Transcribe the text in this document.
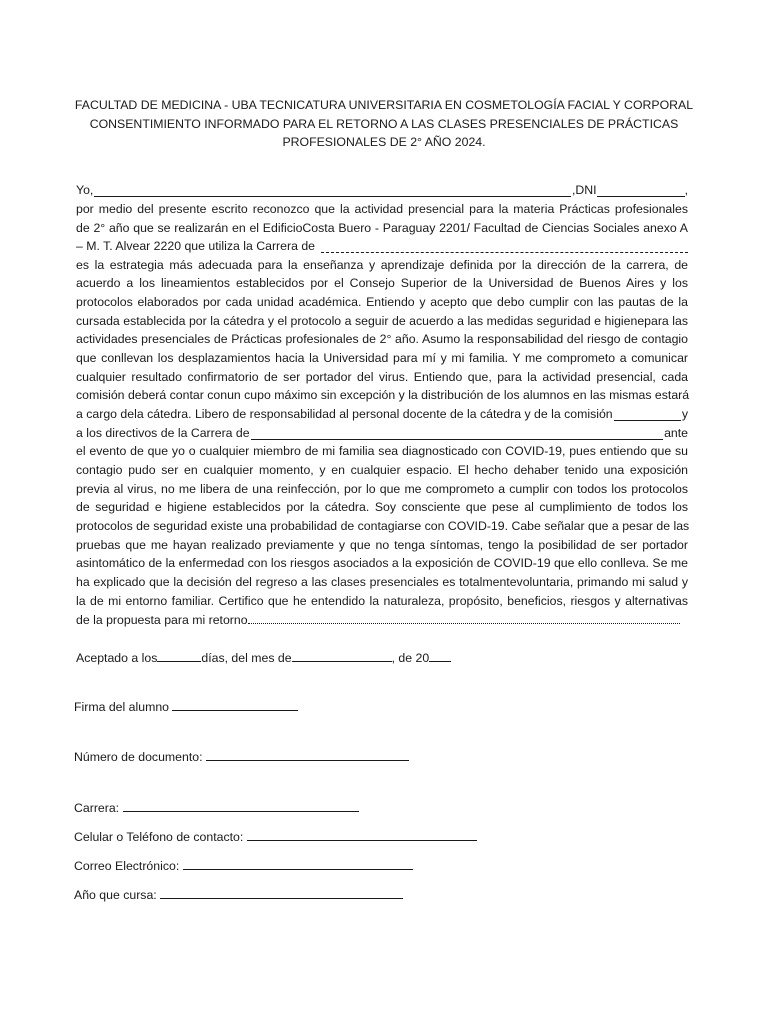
FACULTAD DE MEDICINA - UBA TECNICATURA UNIVERSITARIA EN COSMETOLOGÍA FACIAL Y CORPORAL
CONSENTIMIENTO INFORMADO PARA EL RETORNO A LAS CLASES PRESENCIALES DE PRÁCTICAS
PROFESIONALES DE 2° AÑO 2024.
Yo,	,DNI	,
por medio del presente escrito reconozco que la actividad presencial para la materia Prácticas profesionales
de 2° año que se realizarán en el EdificioCosta Buero - Paraguay 2201/ Facultad de Ciencias Sociales anexo A
– M. T. Alvear 2220 que utiliza la Carrera de
es la estrategia más adecuada para la enseñanza y aprendizaje definida por la dirección de la carrera, de
acuerdo a los lineamientos establecidos por el Consejo Superior de la Universidad de Buenos Aires y los
protocolos elaborados por cada unidad académica. Entiendo y acepto que debo cumplir con las pautas de la
cursada establecida por la cátedra y el protocolo a seguir de acuerdo a las medidas seguridad e higienepara las
actividades presenciales de Prácticas profesionales de 2° año. Asumo la responsabilidad del riesgo de contagio
que conllevan los desplazamientos hacia la Universidad para mí y mi familia. Y me comprometo a comunicar
cualquier resultado confirmatorio de ser portador del virus. Entiendo que, para la actividad presencial, cada
comisión deberá contar conun cupo máximo sin excepción y la distribución de los alumnos en las mismas estará
a cargo dela cátedra. Libero de responsabilidad al personal docente de la cátedra y de la comisión	y
a los directivos de la Carrera de	ante
el evento de que yo o cualquier miembro de mi familia sea diagnosticado con COVID-19, pues entiendo que su
contagio pudo ser en cualquier momento, y en cualquier espacio. El hecho dehaber tenido una exposición
previa al virus, no me libera de una reinfección, por lo que me comprometo a cumplir con todos los protocolos
de seguridad e higiene establecidos por la cátedra. Soy consciente que pese al cumplimiento de todos los
protocolos de seguridad existe una probabilidad de contagiarse con COVID-19. Cabe señalar que a pesar de las
pruebas que me hayan realizado previamente y que no tenga síntomas, tengo la posibilidad de ser portador
asintomático de la enfermedad con los riesgos asociados a la exposición de COVID-19 que ello conlleva. Se me
ha explicado que la decisión del regreso a las clases presenciales es totalmentevoluntaria, primando mi salud y
la de mi entorno familiar. Certifico que he entendido la naturaleza, propósito, beneficios, riesgos y alternativas
de la propuesta para mi retorno
Aceptado a los	días, del mes de	, de 20
Firma del alumno
Número de documento:
Carrera:
Celular o Teléfono de contacto:
Correo Electrónico:
Año que cursa:
